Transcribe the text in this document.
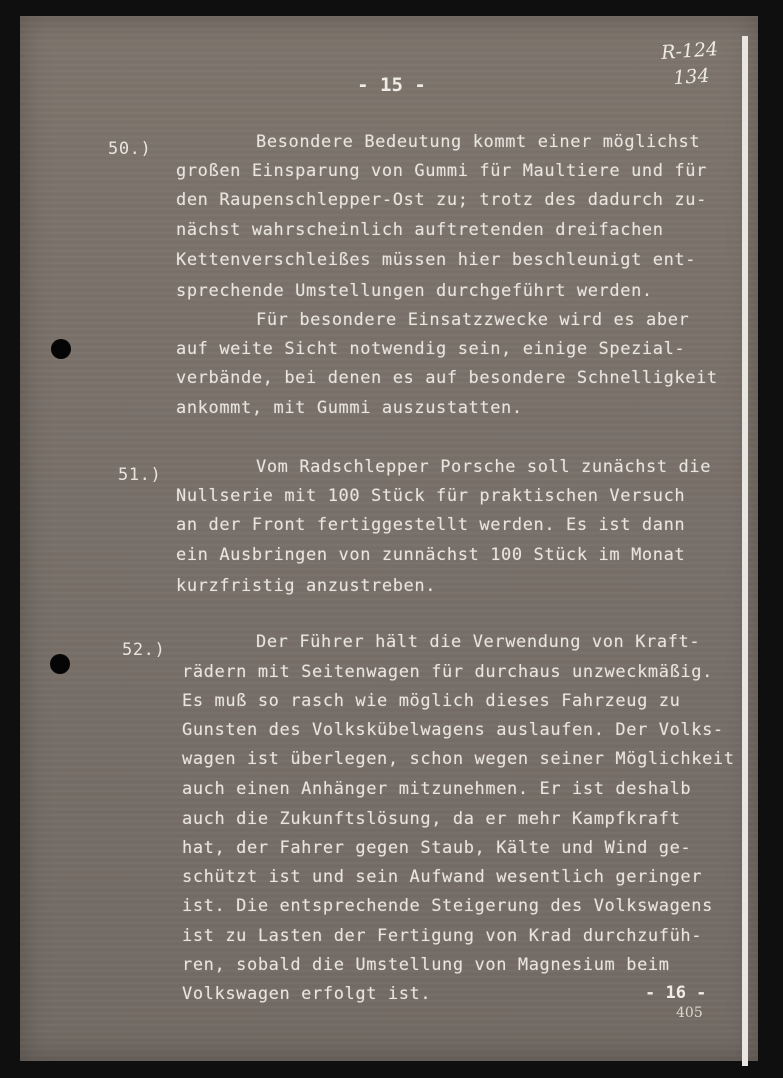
R-124
134
- 15 -
50.)	Besondere Bedeutung kommt einer möglichst
großen Einsparung von Gummi für Maultiere und für
den Raupenschlepper-Ost zu; trotz des dadurch zu-
nächst wahrscheinlich auftretenden dreifachen
Kettenverschleißes müssen hier beschleunigt ent-
sprechende Umstellungen durchgeführt werden.
Für besondere Einsatzzwecke wird es aber
auf weite Sicht notwendig sein, einige Spezial-
verbände, bei denen es auf besondere Schnelligkeit
ankommt, mit Gummi auszustatten.
51.)	Vom Radschlepper Porsche soll zunächst die
Nullserie mit 100 Stück für praktischen Versuch
an der Front fertiggestellt werden. Es ist dann
ein Ausbringen von zunnächst 100 Stück im Monat
kurzfristig anzustreben.
52.)	Der Führer hält die Verwendung von Kraft-
rädern mit Seitenwagen für durchaus unzweckmäßig.
Es muß so rasch wie möglich dieses Fahrzeug zu
Gunsten des Volkskübelwagens auslaufen. Der Volks-
wagen ist überlegen, schon wegen seiner Möglichkeit
auch einen Anhänger mitzunehmen. Er ist deshalb
auch die Zukunftslösung, da er mehr Kampfkraft
hat, der Fahrer gegen Staub, Kälte und Wind ge-
schützt ist und sein Aufwand wesentlich geringer
ist. Die entsprechende Steigerung des Volkswagens
ist zu Lasten der Fertigung von Krad durchzufüh-
ren, sobald die Umstellung von Magnesium beim
Volkswagen erfolgt ist.	- 16 -
405
